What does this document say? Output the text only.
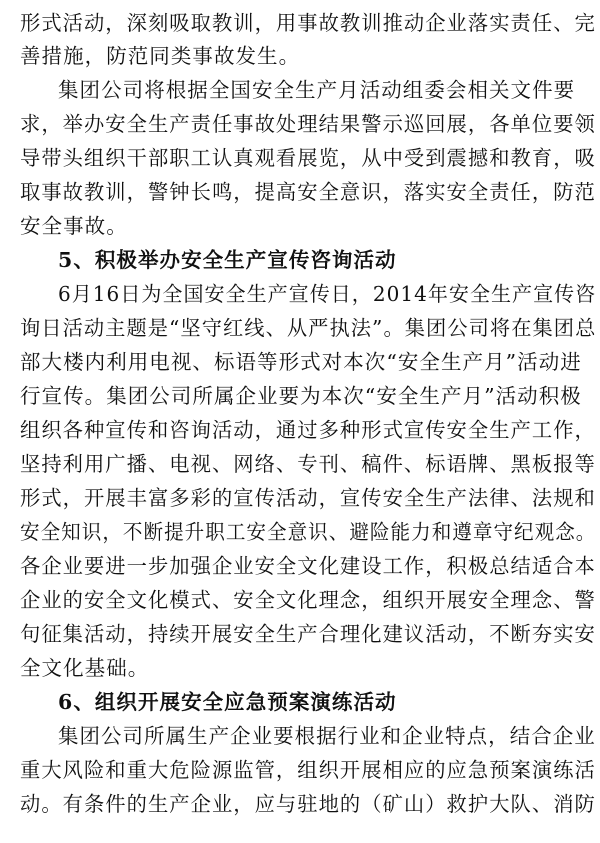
形式活动，深刻吸取教训，用事故教训推动企业落实责任、完
善措施，防范同类事故发生。
集团公司将根据全国安全生产月活动组委会相关文件要
求，举办安全生产责任事故处理结果警示巡回展，各单位要领
导带头组织干部职工认真观看展览，从中受到震撼和教育，吸
取事故教训，警钟长鸣，提高安全意识，落实安全责任，防范
安全事故。
5、积极举办安全生产宣传咨询活动
6月16日为全国安全生产宣传日，2014年安全生产宣传咨
询日活动主题是“坚守红线、从严执法”。集团公司将在集团总
部大楼内利用电视、标语等形式对本次“安全生产月”活动进
行宣传。集团公司所属企业要为本次“安全生产月”活动积极
组织各种宣传和咨询活动，通过多种形式宣传安全生产工作，
坚持利用广播、电视、网络、专刊、稿件、标语牌、黑板报等
形式，开展丰富多彩的宣传活动，宣传安全生产法律、法规和
安全知识，不断提升职工安全意识、避险能力和遵章守纪观念。
各企业要进一步加强企业安全文化建设工作，积极总结适合本
企业的安全文化模式、安全文化理念，组织开展安全理念、警
句征集活动，持续开展安全生产合理化建议活动，不断夯实安
全文化基础。
6、组织开展安全应急预案演练活动
集团公司所属生产企业要根据行业和企业特点，结合企业
重大风险和重大危险源监管，组织开展相应的应急预案演练活
动。有条件的生产企业，应与驻地的（矿山）救护大队、消防
